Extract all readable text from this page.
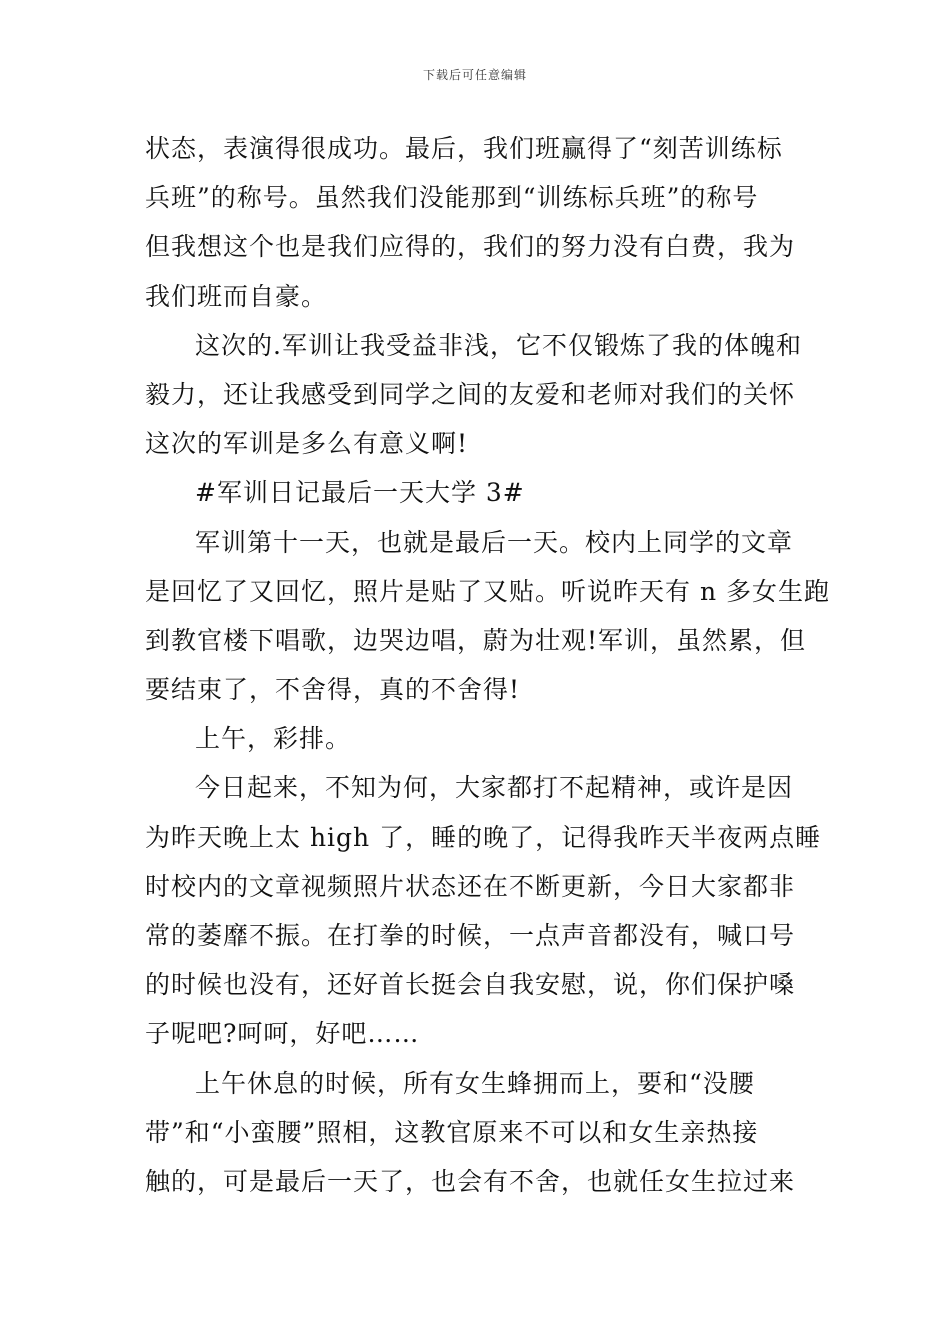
下载后可任意编辑
状态，表演得很成功。最后，我们班赢得了“刻苦训练标
兵班”的称号。虽然我们没能那到“训练标兵班”的称号
但我想这个也是我们应得的，我们的努力没有白费，我为
我们班而自豪。
这次的.军训让我受益非浅，它不仅锻炼了我的体魄和
毅力，还让我感受到同学之间的友爱和老师对我们的关怀
这次的军训是多么有意义啊!
#军训日记最后一天大学 3#
军训第十一天，也就是最后一天。校内上同学的文章
是回忆了又回忆，照片是贴了又贴。听说昨天有 n 多女生跑
到教官楼下唱歌，边哭边唱，蔚为壮观!军训，虽然累，但
要结束了，不舍得，真的不舍得!
上午，彩排。
今日起来，不知为何，大家都打不起精神，或许是因
为昨天晚上太 high 了，睡的晚了，记得我昨天半夜两点睡
时校内的文章视频照片状态还在不断更新，今日大家都非
常的萎靡不振。在打拳的时候，一点声音都没有，喊口号
的时候也没有，还好首长挺会自我安慰，说，你们保护嗓
子呢吧?呵呵，好吧……
上午休息的时候，所有女生蜂拥而上，要和“没腰
带”和“小蛮腰”照相，这教官原来不可以和女生亲热接
触的，可是最后一天了，也会有不舍，也就任女生拉过来
